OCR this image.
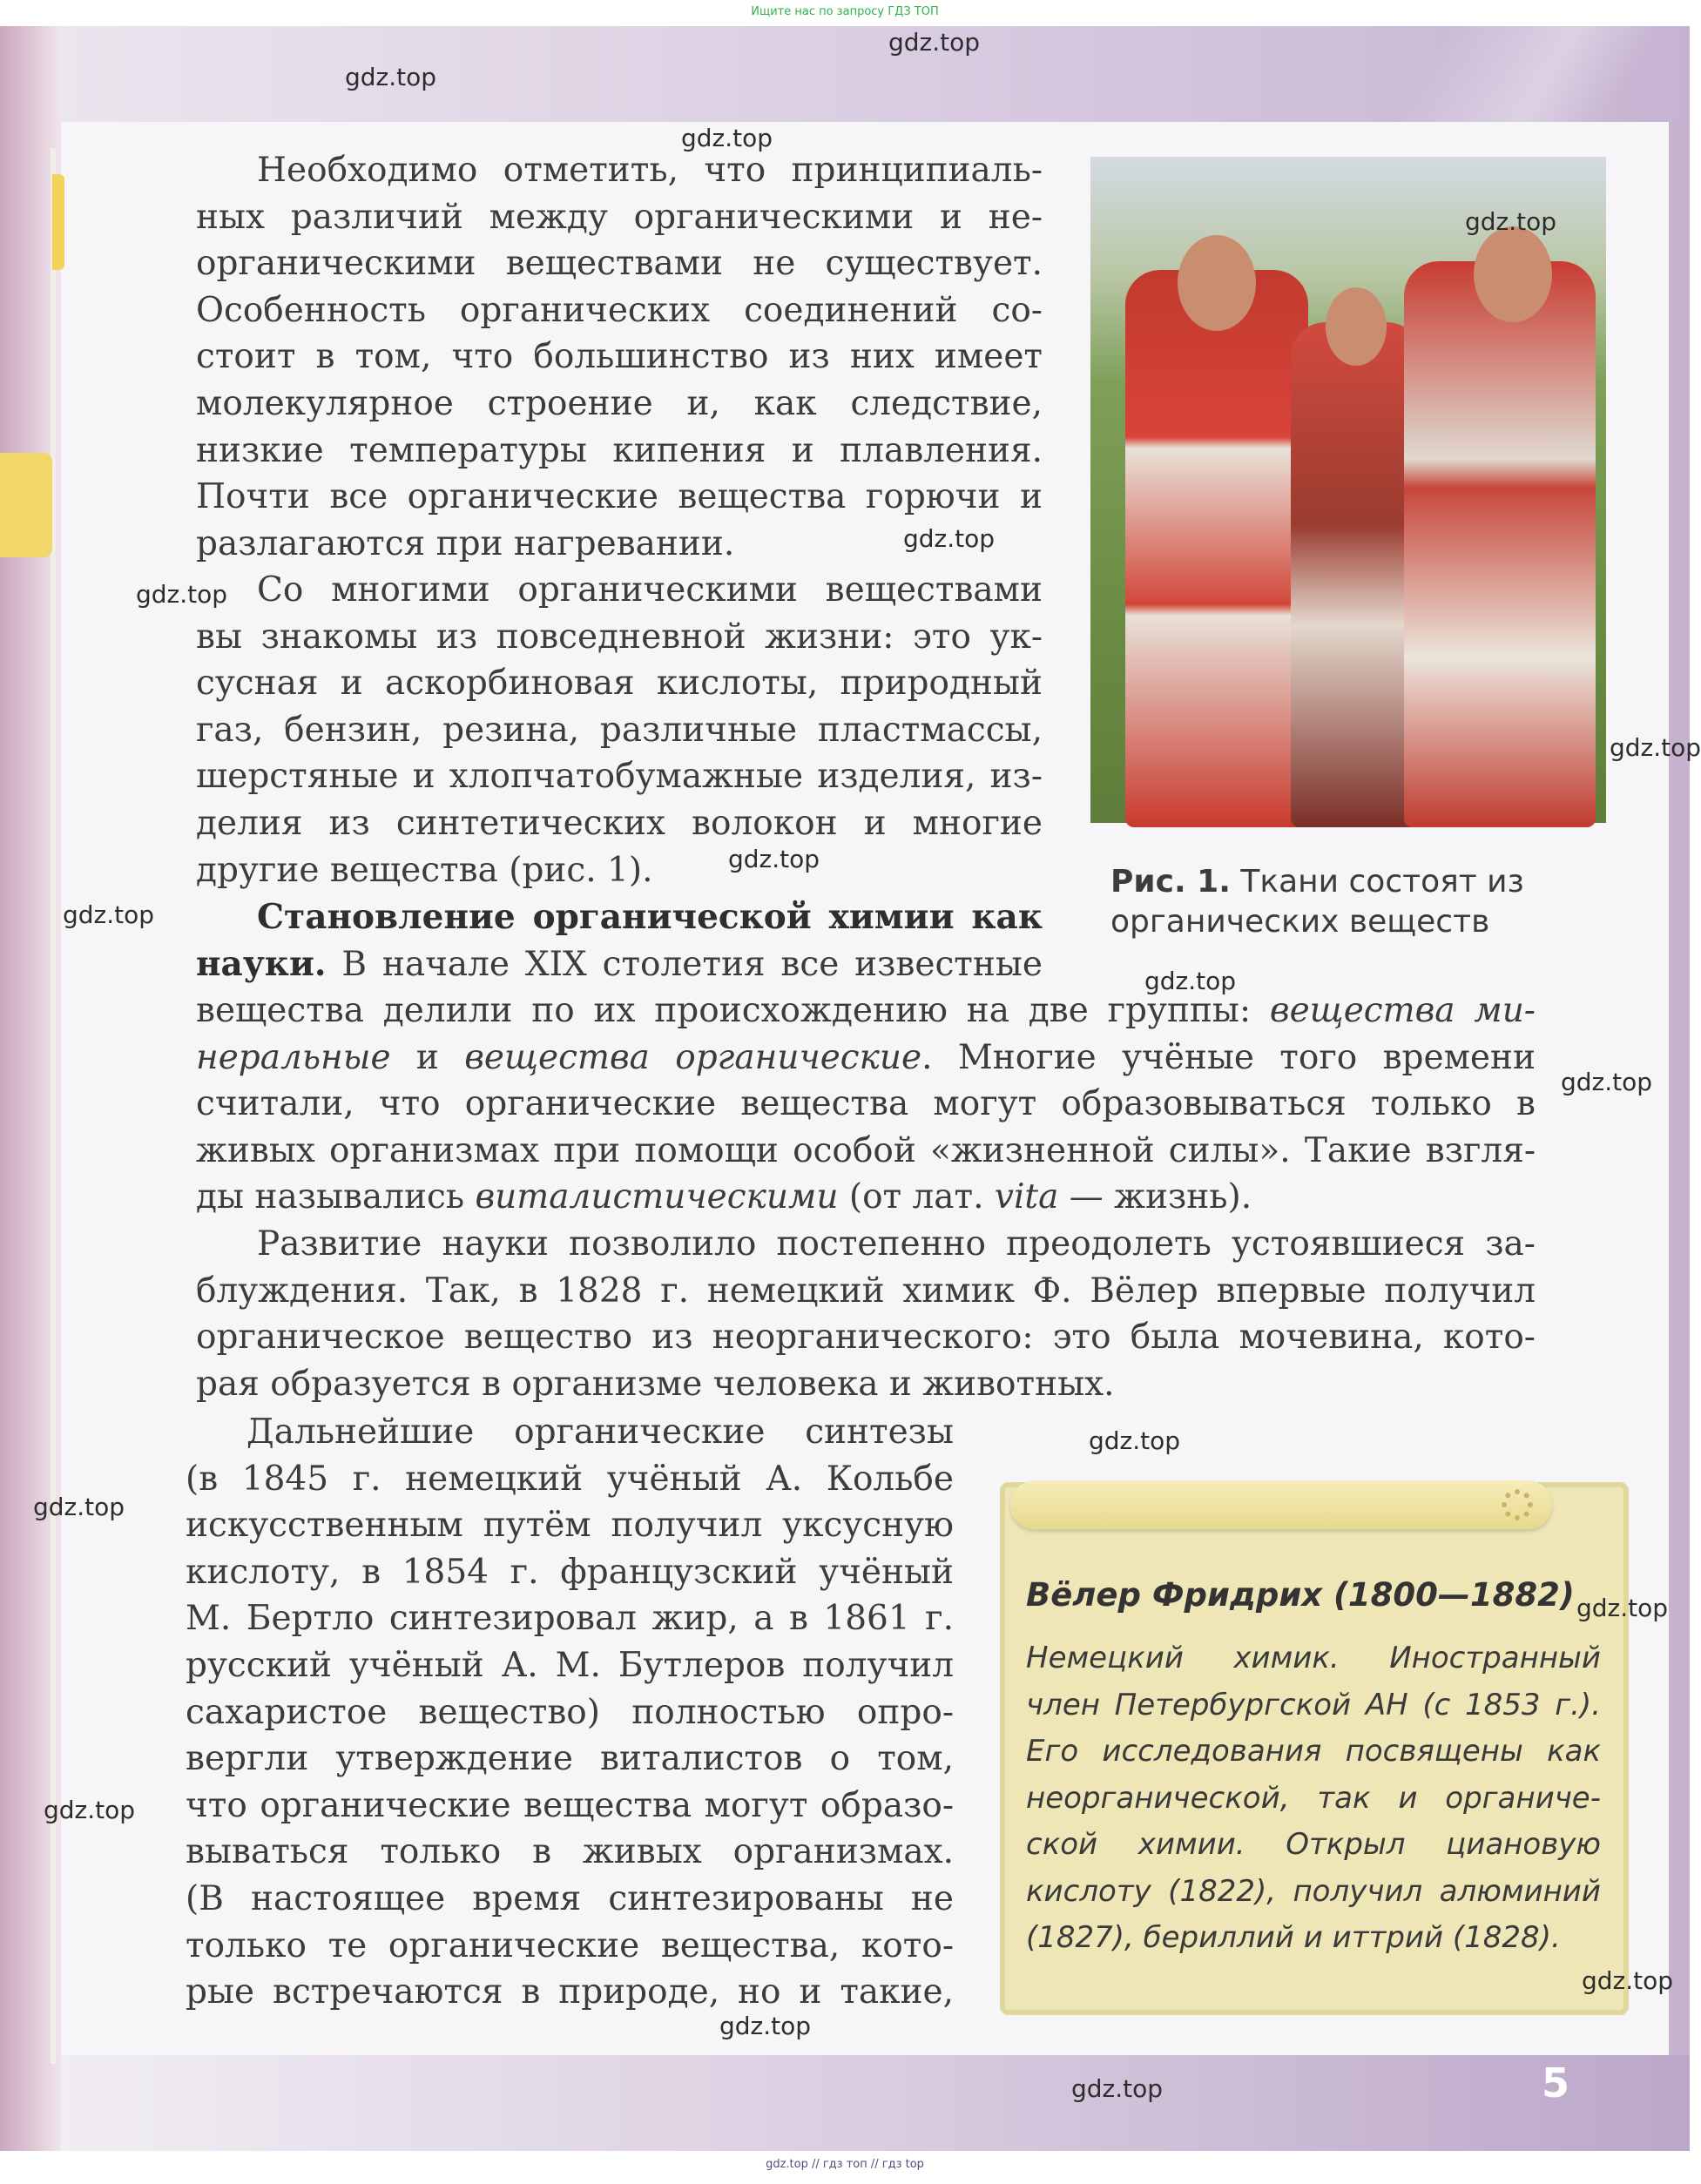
Ищите нас по запросу ГДЗ ТОП
gdz.top // гдз топ // гдз top
Необходимо отметить, что принципиаль-
ных различий между органическими и не-
органическими веществами не существует.
Особенность органических соединений со-
стоит в том, что большинство из них имеет
молекулярное строение и, как следствие,
низкие температуры кипения и плавления.
Почти все органические вещества горючи и
разлагаются при нагревании.
Со многими органическими веществами
вы знакомы из повседневной жизни: это ук-
сусная и аскорбиновая кислоты, природный
газ, бензин, резина, различные пластмассы,
шерстяные и хлопчатобумажные изделия, из-
делия из синтетических волокон и многие
другие вещества (рис. 1).
Становление органической химии как
науки. В начале XIX столетия все известные
вещества делили по их происхождению на две группы: вещества ми-
неральные и вещества органические. Многие учёные того времени
считали, что органические вещества могут образовываться только в
живых организмах при помощи особой «жизненной силы». Такие взгля-
ды назывались виталистическими (от лат. vita — жизнь).
Развитие науки позволило постепенно преодолеть устоявшиеся за-
блуждения. Так, в 1828 г. немецкий химик Ф. Вёлер впервые получил
органическое вещество из неорганического: это была мочевина, кото-
рая образуется в организме человека и животных.
Дальнейшие органические синтезы
(в 1845 г. немецкий учёный А. Кольбе
искусственным путём получил уксусную
кислоту, в 1854 г. французский учёный
М. Бертло синтезировал жир, а в 1861 г.
русский учёный А. М. Бутлеров получил
сахаристое вещество) полностью опро-
вергли утверждение виталистов о том,
что органические вещества могут образо-
вываться только в живых организмах.
(В настоящее время синтезированы не
только те органические вещества, кото-
рые встречаются в природе, но и такие,
Рис. 1. Ткани состоят из
органических веществ
Вёлер Фридрих (1800—1882)
Немецкий химик. Иностранный
член Петербургской АН (с 1853 г.).
Его исследования посвящены как
неорганической, так и органиче-
ской химии. Открыл циановую
кислоту (1822), получил алюминий
(1827), бериллий и иттрий (1828).
5
gdz.top
gdz.top
gdz.top
gdz.top
gdz.top
gdz.top
gdz.top
gdz.top
gdz.top
gdz.top
gdz.top
gdz.top
gdz.top
gdz.top
gdz.top
gdz.top
gdz.top
gdz.top
